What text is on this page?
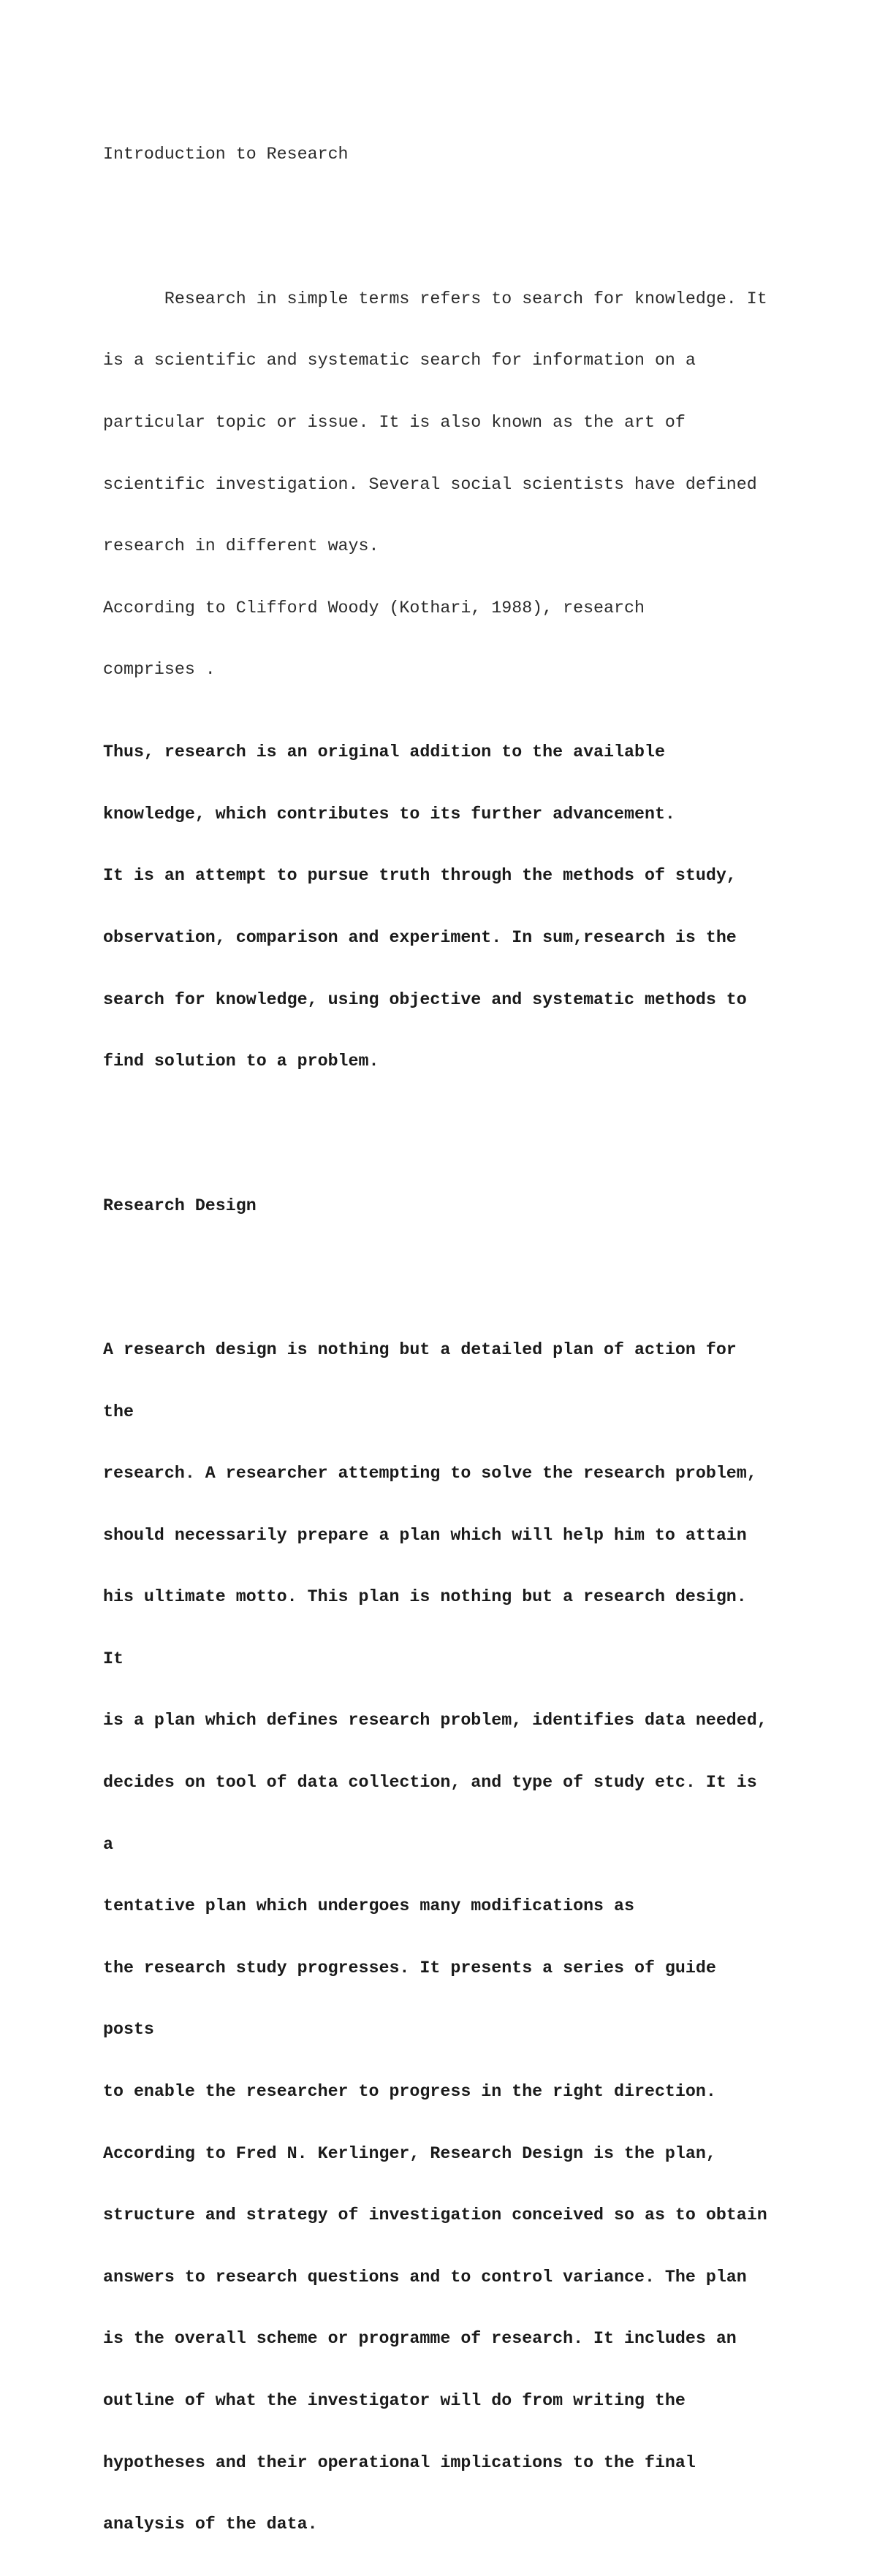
Introduction to Research

Research in simple terms refers to search for knowledge. It

is a scientific and systematic search for information on a

particular topic or issue. It is also known as the art of

scientific investigation. Several social scientists have defined

research in different ways.

According to Clifford Woody (Kothari, 1988), research

comprises .

Thus, research is an original addition to the available

knowledge, which contributes to its further advancement.

It is an attempt to pursue truth through the methods of study,

observation, comparison and experiment. In sum,research is the

search for knowledge, using objective and systematic methods to

find solution to a problem.

Research Design

A research design is nothing but a detailed plan of action for

the

research. A researcher attempting to solve the research problem,

should necessarily prepare a plan which will help him to attain

his ultimate motto. This plan is nothing but a research design.

It

is a plan which defines research problem, identifies data needed,

decides on tool of data collection, and type of study etc. It is

a

tentative plan which undergoes many modifications as

the research study progresses. It presents a series of guide

posts

to enable the researcher to progress in the right direction.

According to Fred N. Kerlinger, Research Design is the plan,

structure and strategy of investigation conceived so as to obtain

answers to research questions and to control variance. The plan

is the overall scheme or programme of research. It includes an

outline of what the investigator will do from writing the

hypotheses and their operational implications to the final

analysis of the data.
